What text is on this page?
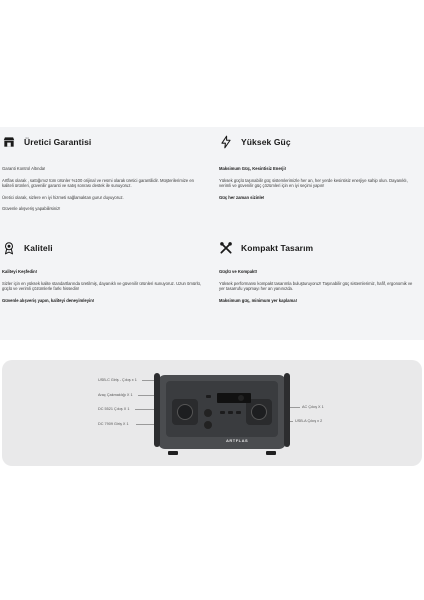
Üretici Garantisi

Garanti Kontrol Altında!

Artflas olarak , sattığımız tüm ürünler %100 orijinal ve resmi olarak üretici garantilidir. Müşterilerimize en kaliteli ürünleri, güvenilir garanti ve satış sonrası destek ile sunuyoruz.

Üretici olarak, sizlere en iyi hizmeti sağlamaktan gurur duyuyoruz.

Güvenle alışveriş yapabilirsiniz!

Yüksek Güç

Maksimum Güç, Kesintisiz Enerji!

Yüksek güçlü taşınabilir güç sistemlerimizle her an, her yerde kesintisiz enerjiye sahip olun. Dayanıklı, verimli ve güvenilir güç çözümleri için en iyi seçimi yapın!

Güç her zaman sizinle!

Kaliteli

Kaliteyi Keşfedin!

Sizler için en yüksek kalite standartlarında üretilmiş, dayanıklı ve güvenilir ürünleri sunuyoruz. Uzun ömürlü, güçlü ve verimli çözümlerle farkı hissedin!

Güvenle alışveriş yapın, kaliteyi deneyimleyin!

Kompakt Tasarım

Güçlü ve Kompakt!

Yüksek performansı kompakt tasarımla buluşturuyoruz! Taşınabilir güç sistemlerimiz, hafif, ergonomik ve yer tasarrufu yapmayı her an yanınızda.

Maksimum güç, minimum yer kaplama!

USB-C Giriş - Çıkış x 1
Araç Çakmaklığı X 1
DC 5521 Çıkış X 1
DC 7909 Giriş X 1
AC Çıkış X 1
USB-A Çıkış x 2
ARTFLAS
